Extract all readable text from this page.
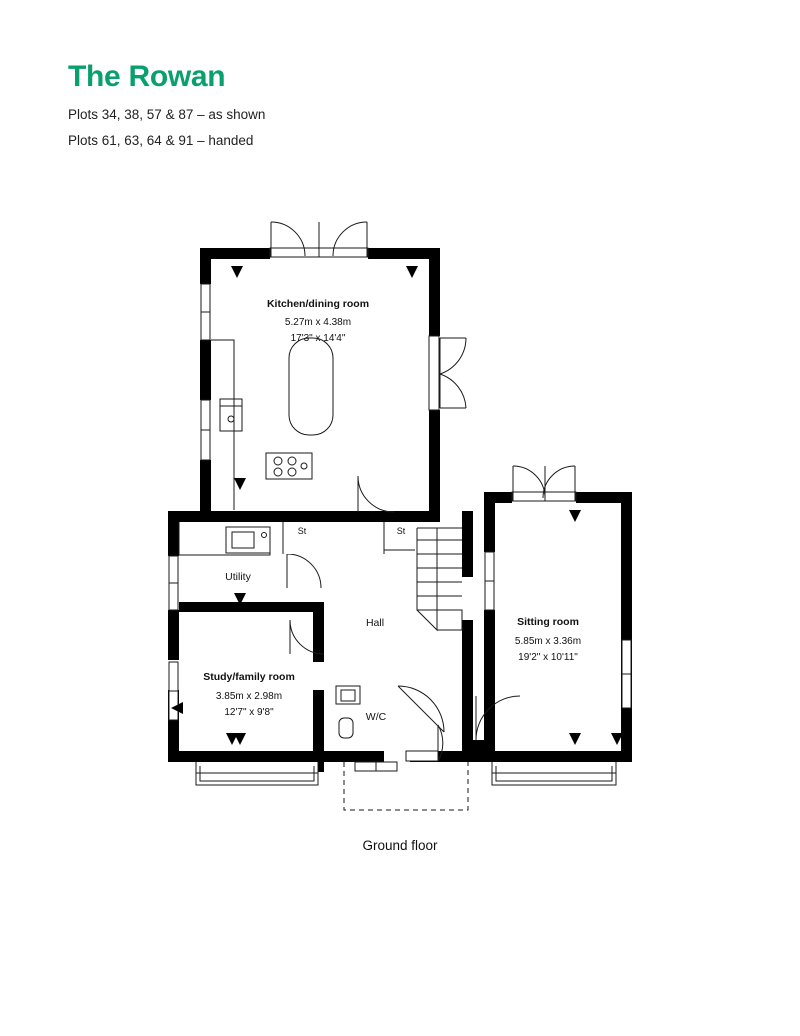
The Rowan

Plots 34, 38, 57 & 87 – as shown

Plots 61, 63, 64 & 91 – handed

Kitchen/dining room
5.27m x 4.38m
17'3" x 14'4"
Sitting room
5.85m x 3.36m
19'2" x 10'11"
Study/family room
3.85m x 2.98m
12'7" x 9'8"
Utility
Hall
W/C
St	St
Ground floor
